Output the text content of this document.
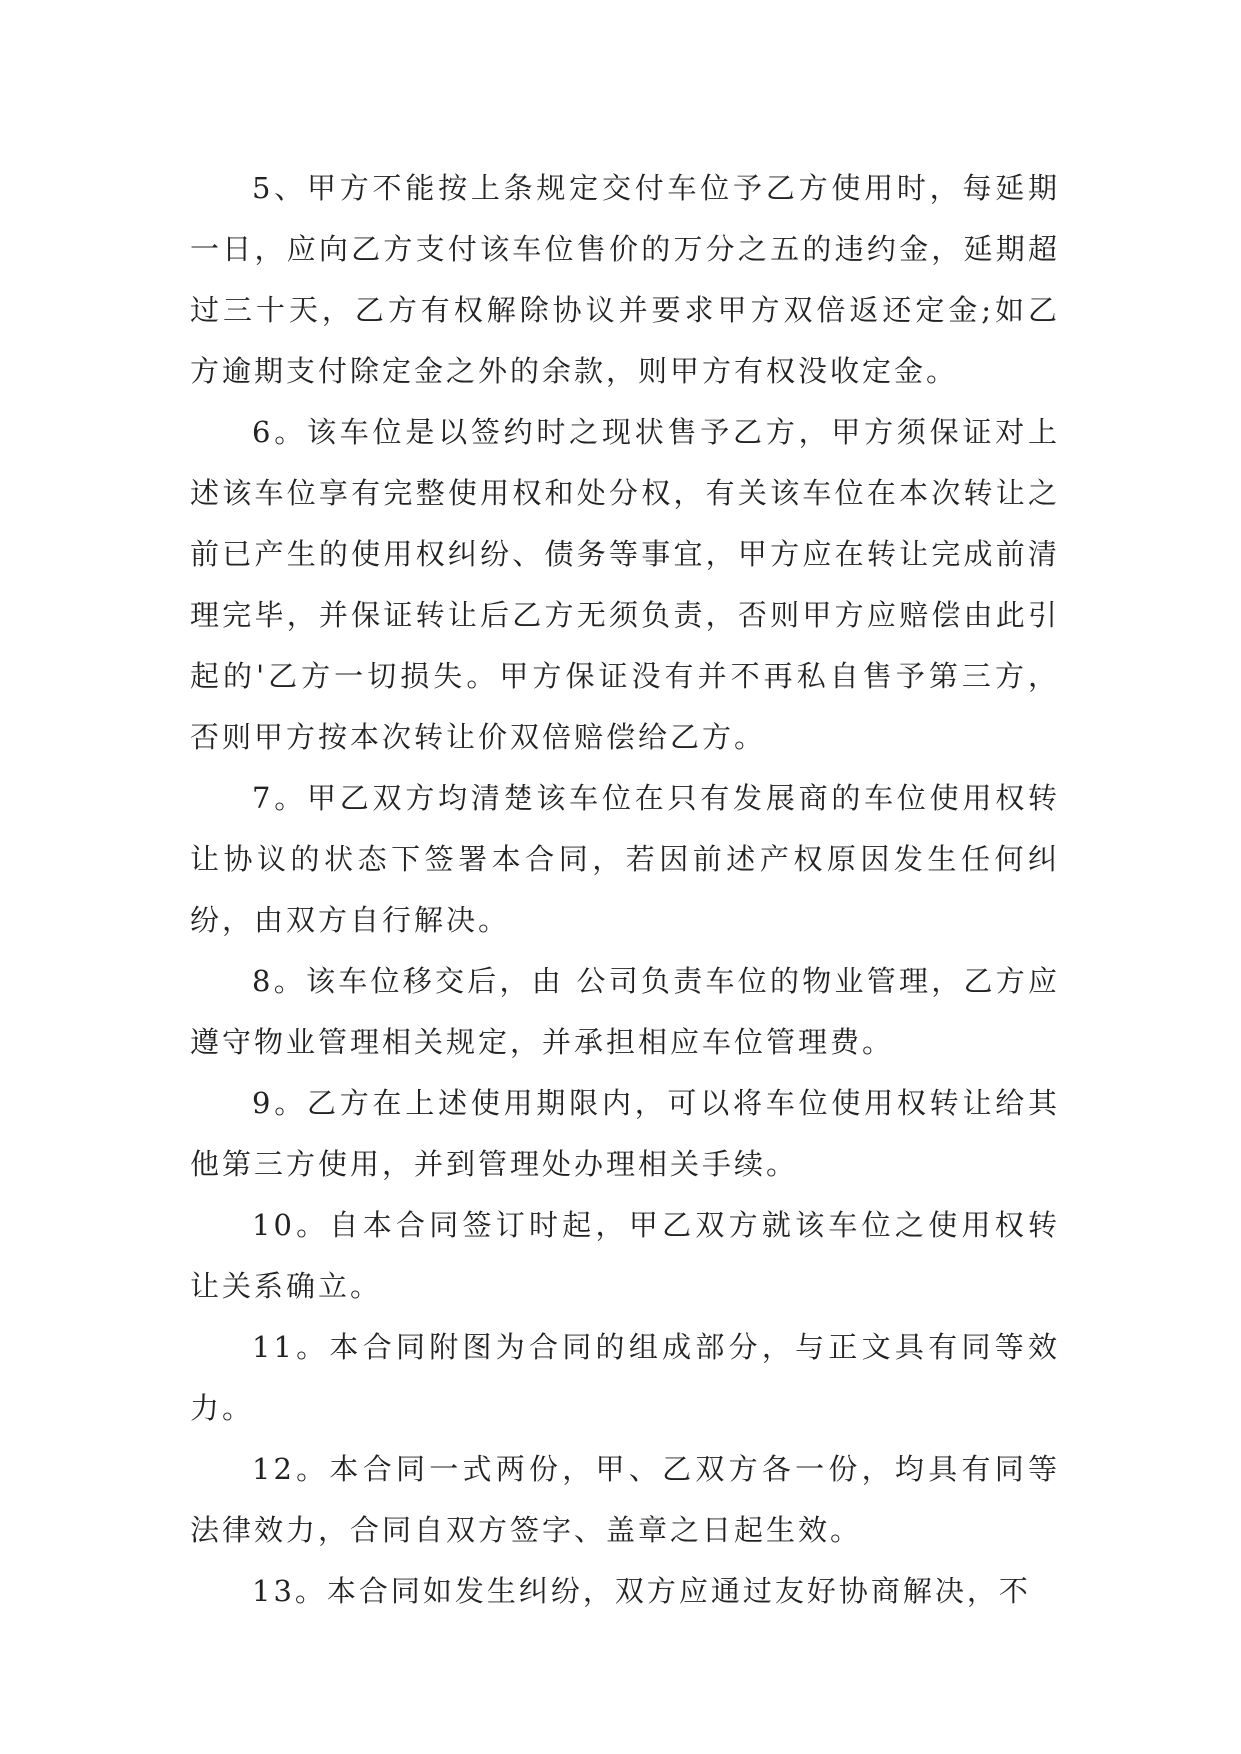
5、甲方不能按上条规定交付车位予乙方使用时，每延期一日，应向乙方支付该车位售价的万分之五的违约金，延期超过三十天，乙方有权解除协议并要求甲方双倍返还定金;如乙方逾期支付除定金之外的余款，则甲方有权没收定金。

6。该车位是以签约时之现状售予乙方，甲方须保证对上述该车位享有完整使用权和处分权，有关该车位在本次转让之前已产生的使用权纠纷、债务等事宜，甲方应在转让完成前清理完毕，并保证转让后乙方无须负责，否则甲方应赔偿由此引起的'乙方一切损失。甲方保证没有并不再私自售予第三方，否则甲方按本次转让价双倍赔偿给乙方。

7。甲乙双方均清楚该车位在只有发展商的车位使用权转让协议的状态下签署本合同，若因前述产权原因发生任何纠纷，由双方自行解决。

8。该车位移交后，由 公司负责车位的物业管理，乙方应遵守物业管理相关规定，并承担相应车位管理费。

9。乙方在上述使用期限内，可以将车位使用权转让给其他第三方使用，并到管理处办理相关手续。

10。自本合同签订时起，甲乙双方就该车位之使用权转让关系确立。

11。本合同附图为合同的组成部分，与正文具有同等效力。

12。本合同一式两份，甲、乙双方各一份，均具有同等法律效力，合同自双方签字、盖章之日起生效。

13。本合同如发生纠纷，双方应通过友好协商解决，不
